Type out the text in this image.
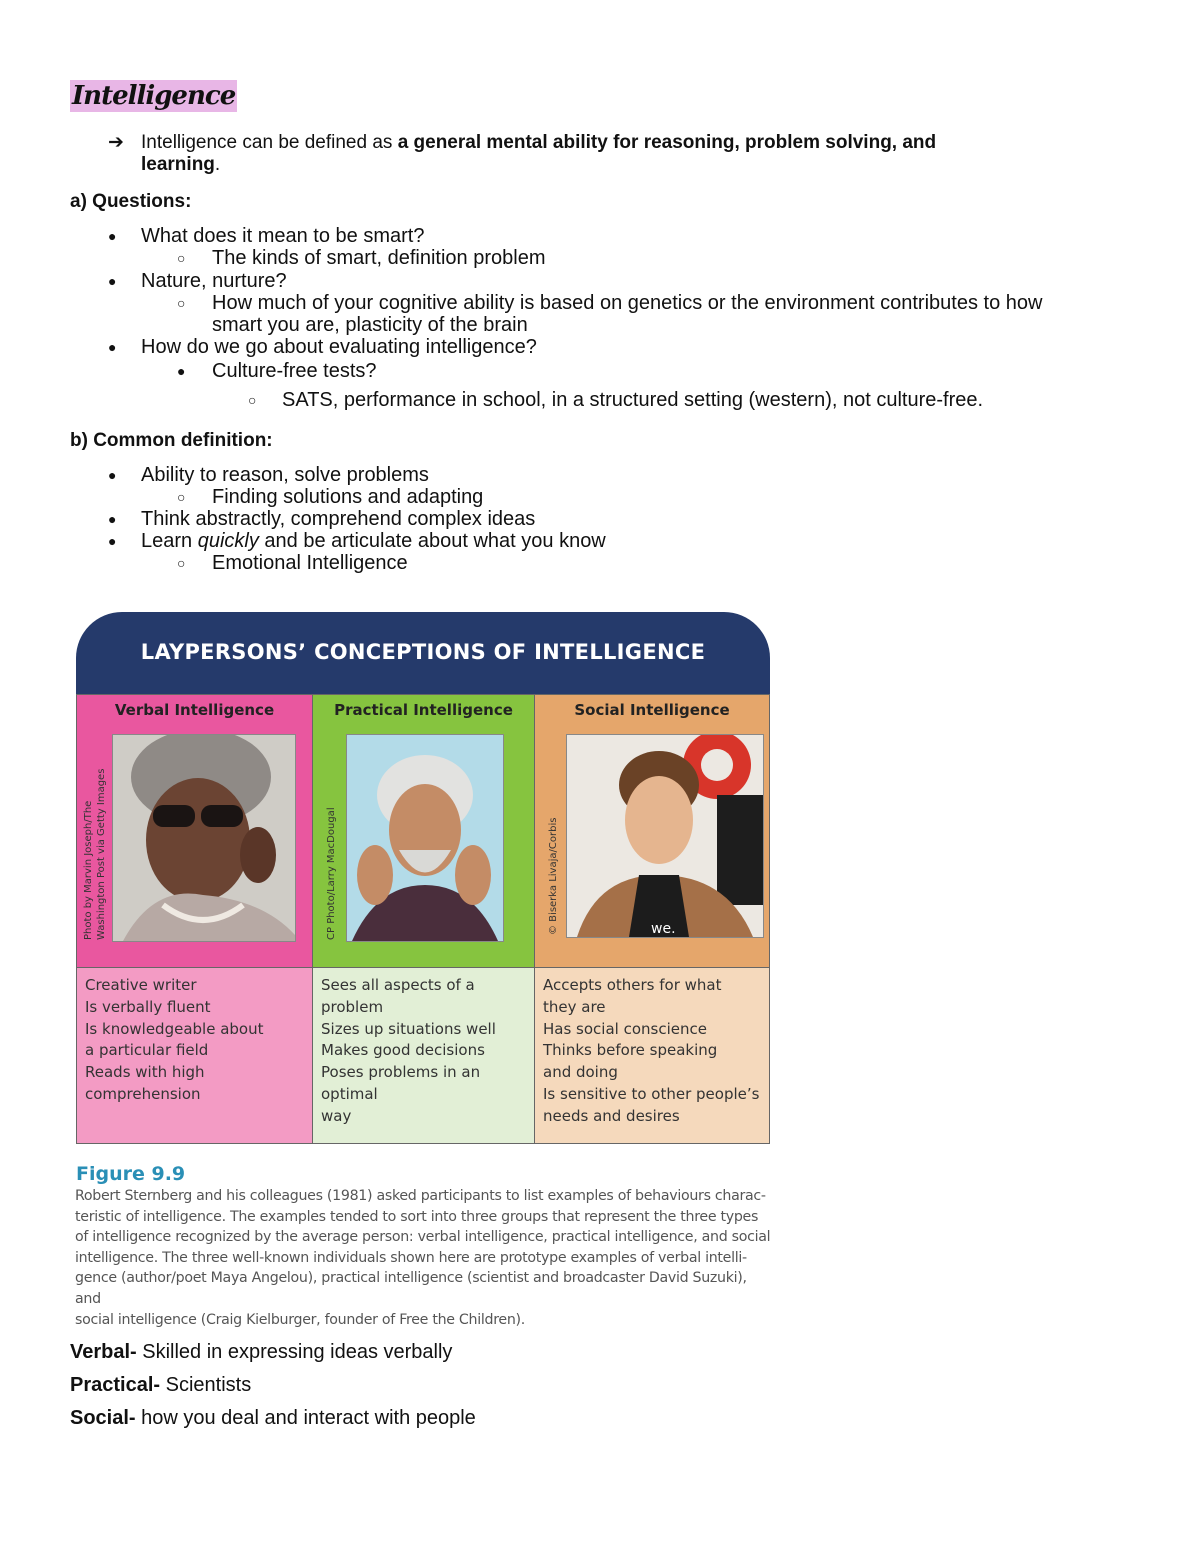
Intelligence
➔ Intelligence can be defined as a general mental ability for reasoning, problem solving, and
learning.
a) Questions:
● What does it mean to be smart?
○ The kinds of smart, definition problem
● Nature, nurture?
○ How much of your cognitive ability is based on genetics or the environment contributes to how
smart you are, plasticity of the brain
● How do we go about evaluating intelligence?
● Culture-free tests?
○ SATS, performance in school, in a structured setting (western), not culture-free.
b) Common definition:
● Ability to reason, solve problems
○ Finding solutions and adapting
● Think abstractly, comprehend complex ideas
● Learn quickly and be articulate about what you know
○ Emotional Intelligence
LAYPERSONS’ CONCEPTIONS OF INTELLIGENCE
Verbal Intelligence
Photo by Marvin Joseph/The Washington Post via Getty Images
Creative writer
Is verbally fluent
Is knowledgeable about
a particular field
Reads with high
comprehension
Practical Intelligence
CP Photo/Larry MacDougal
Sees all aspects of a problem
Sizes up situations well
Makes good decisions
Poses problems in an optimal
way
Social Intelligence
© Biserka Livaja/Corbis	we.
Accepts others for what
they are
Has social conscience
Thinks before speaking
and doing
Is sensitive to other people’s
needs and desires
Figure 9.9
Robert Sternberg and his colleagues (1981) asked participants to list examples of behaviours charac-
teristic of intelligence. The examples tended to sort into three groups that represent the three types
of intelligence recognized by the average person: verbal intelligence, practical intelligence, and social
intelligence. The three well-known individuals shown here are prototype examples of verbal intelli-
gence (author/poet Maya Angelou), practical intelligence (scientist and broadcaster David Suzuki), and
social intelligence (Craig Kielburger, founder of Free the Children).
Verbal- Skilled in expressing ideas verbally
Practical- Scientists
Social- how you deal and interact with people
